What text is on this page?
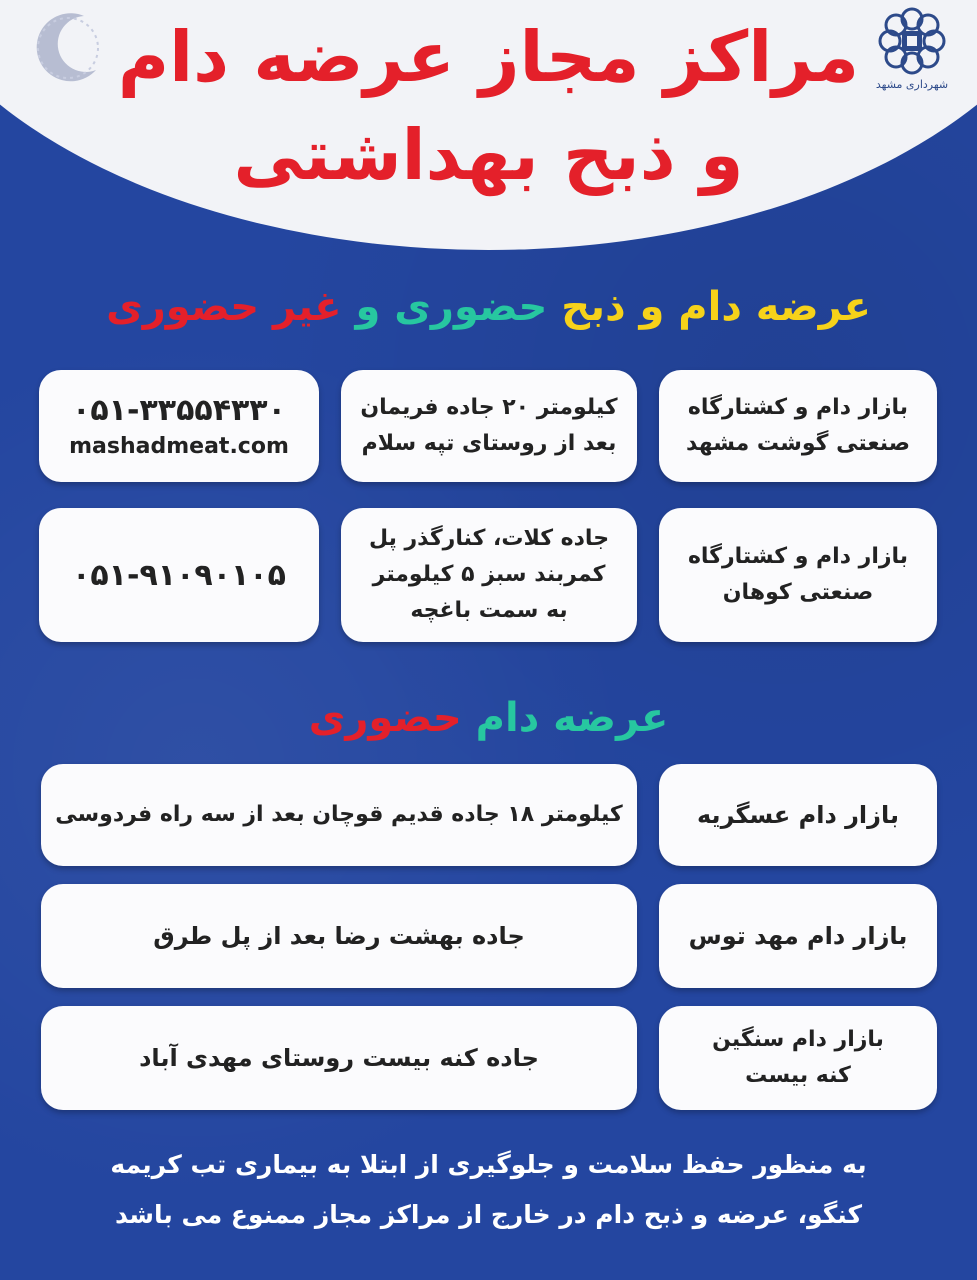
شهرداری مشهد
مراکز مجاز عرضه دام
و ذبح بهداشتی
عرضه دام و ذبح حضوری و غیر حضوری
بازار دام و کشتارگاه
صنعتی گوشت مشهد
کیلومتر ۲۰ جاده فریمان
بعد از روستای تپه سلام
۰۵۱-۳۳۵۵۴۳۳۰
mashadmeat.com
بازار دام و کشتارگاه
صنعتی کوهان
جاده کلات، کنارگذر پل
کمربند سبز ۵ کیلومتر
به سمت باغچه
۰۵۱-۹۱۰۹۰۱۰۵
عرضه دام حضوری
بازار دام عسگریه
کیلومتر ۱۸ جاده قدیم قوچان بعد از سه راه فردوسی
بازار دام مهد توس
جاده بهشت رضا بعد از پل طرق
بازار دام سنگین
کنه بیست
جاده کنه بیست روستای مهدی آباد
به منظور حفظ سلامت و جلوگیری از ابتلا به بیماری تب کریمه
کنگو، عرضه و ذبح دام در خارج از مراکز مجاز ممنوع می باشد
